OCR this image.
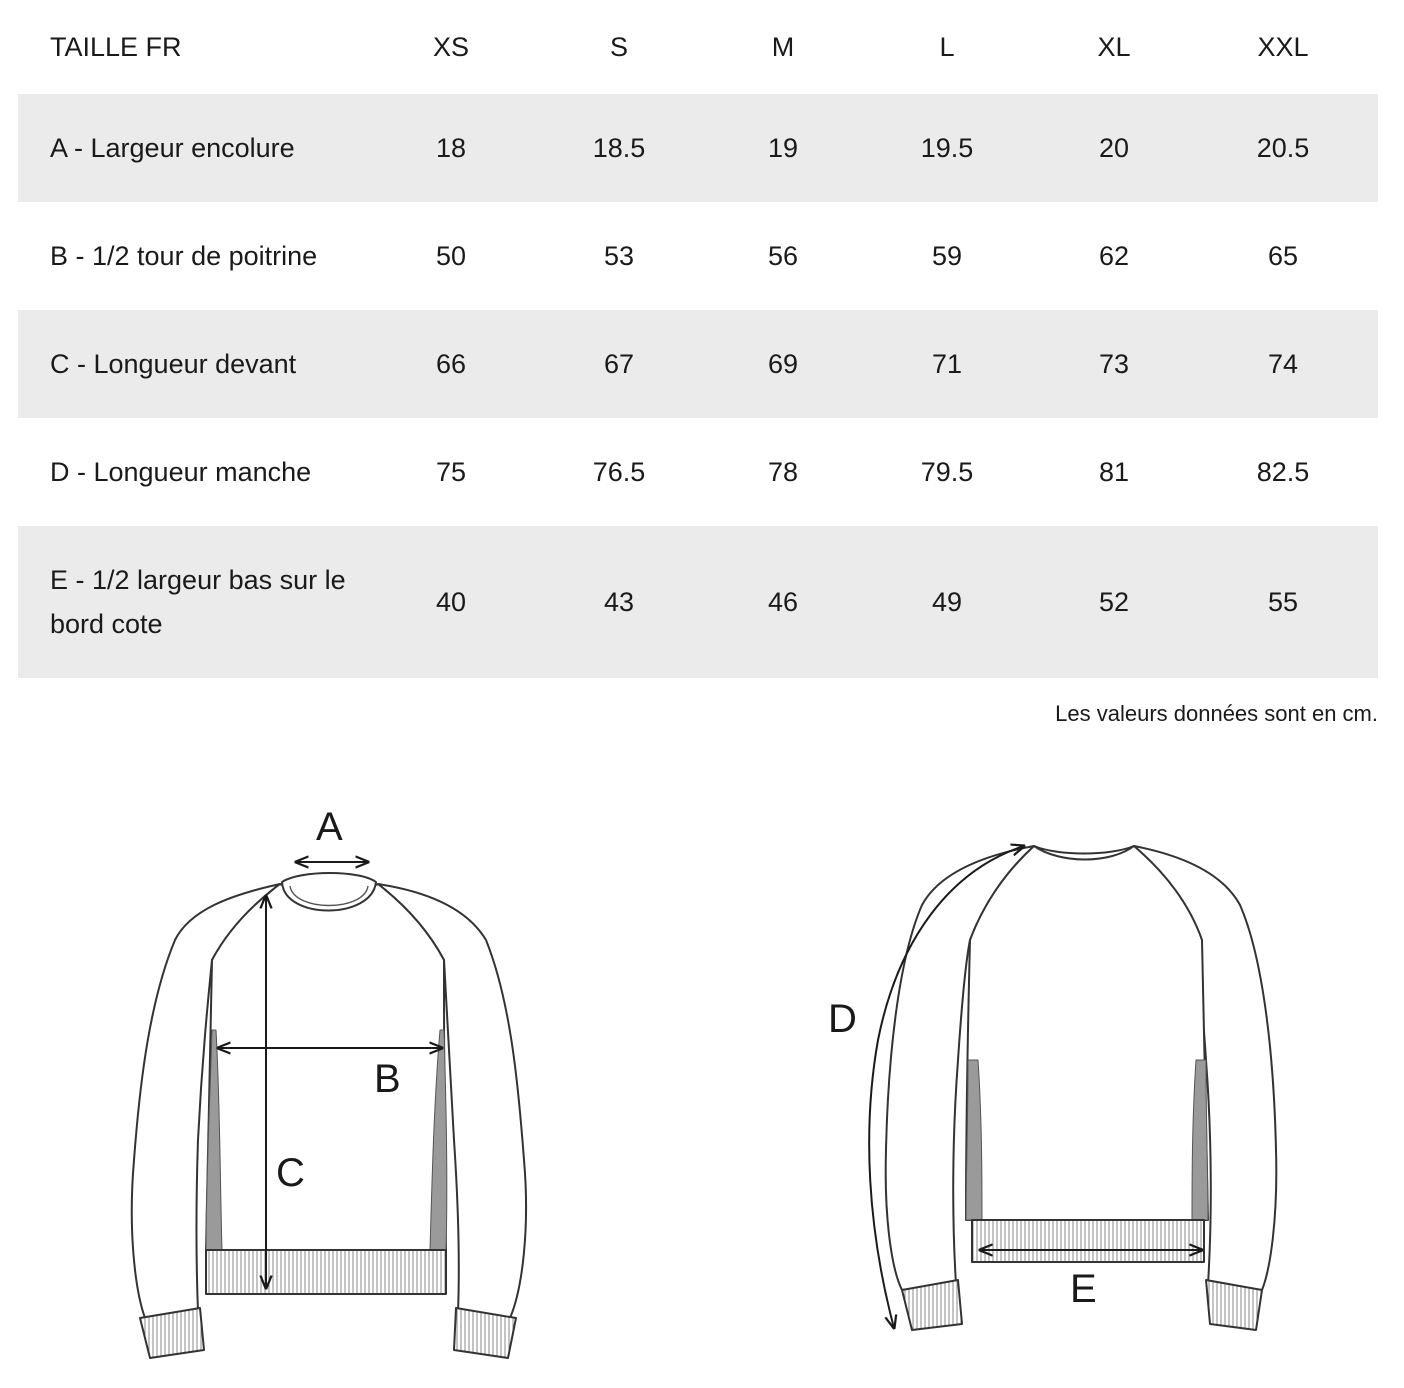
TAILLE FR	XS	S	M	L	XL	XXL
A - Largeur encolure	18	18.5	19	19.5	20	20.5
B - 1/2 tour de poitrine	50	53	56	59	62	65
C - Longueur devant	66	67	69	71	73	74
D - Longueur manche	75	76.5	78	79.5	81	82.5
E - 1/2 largeur bas sur le bord cote	40	43	46	49	52	55
Les valeurs données sont en cm.
A
B
C
D
E
